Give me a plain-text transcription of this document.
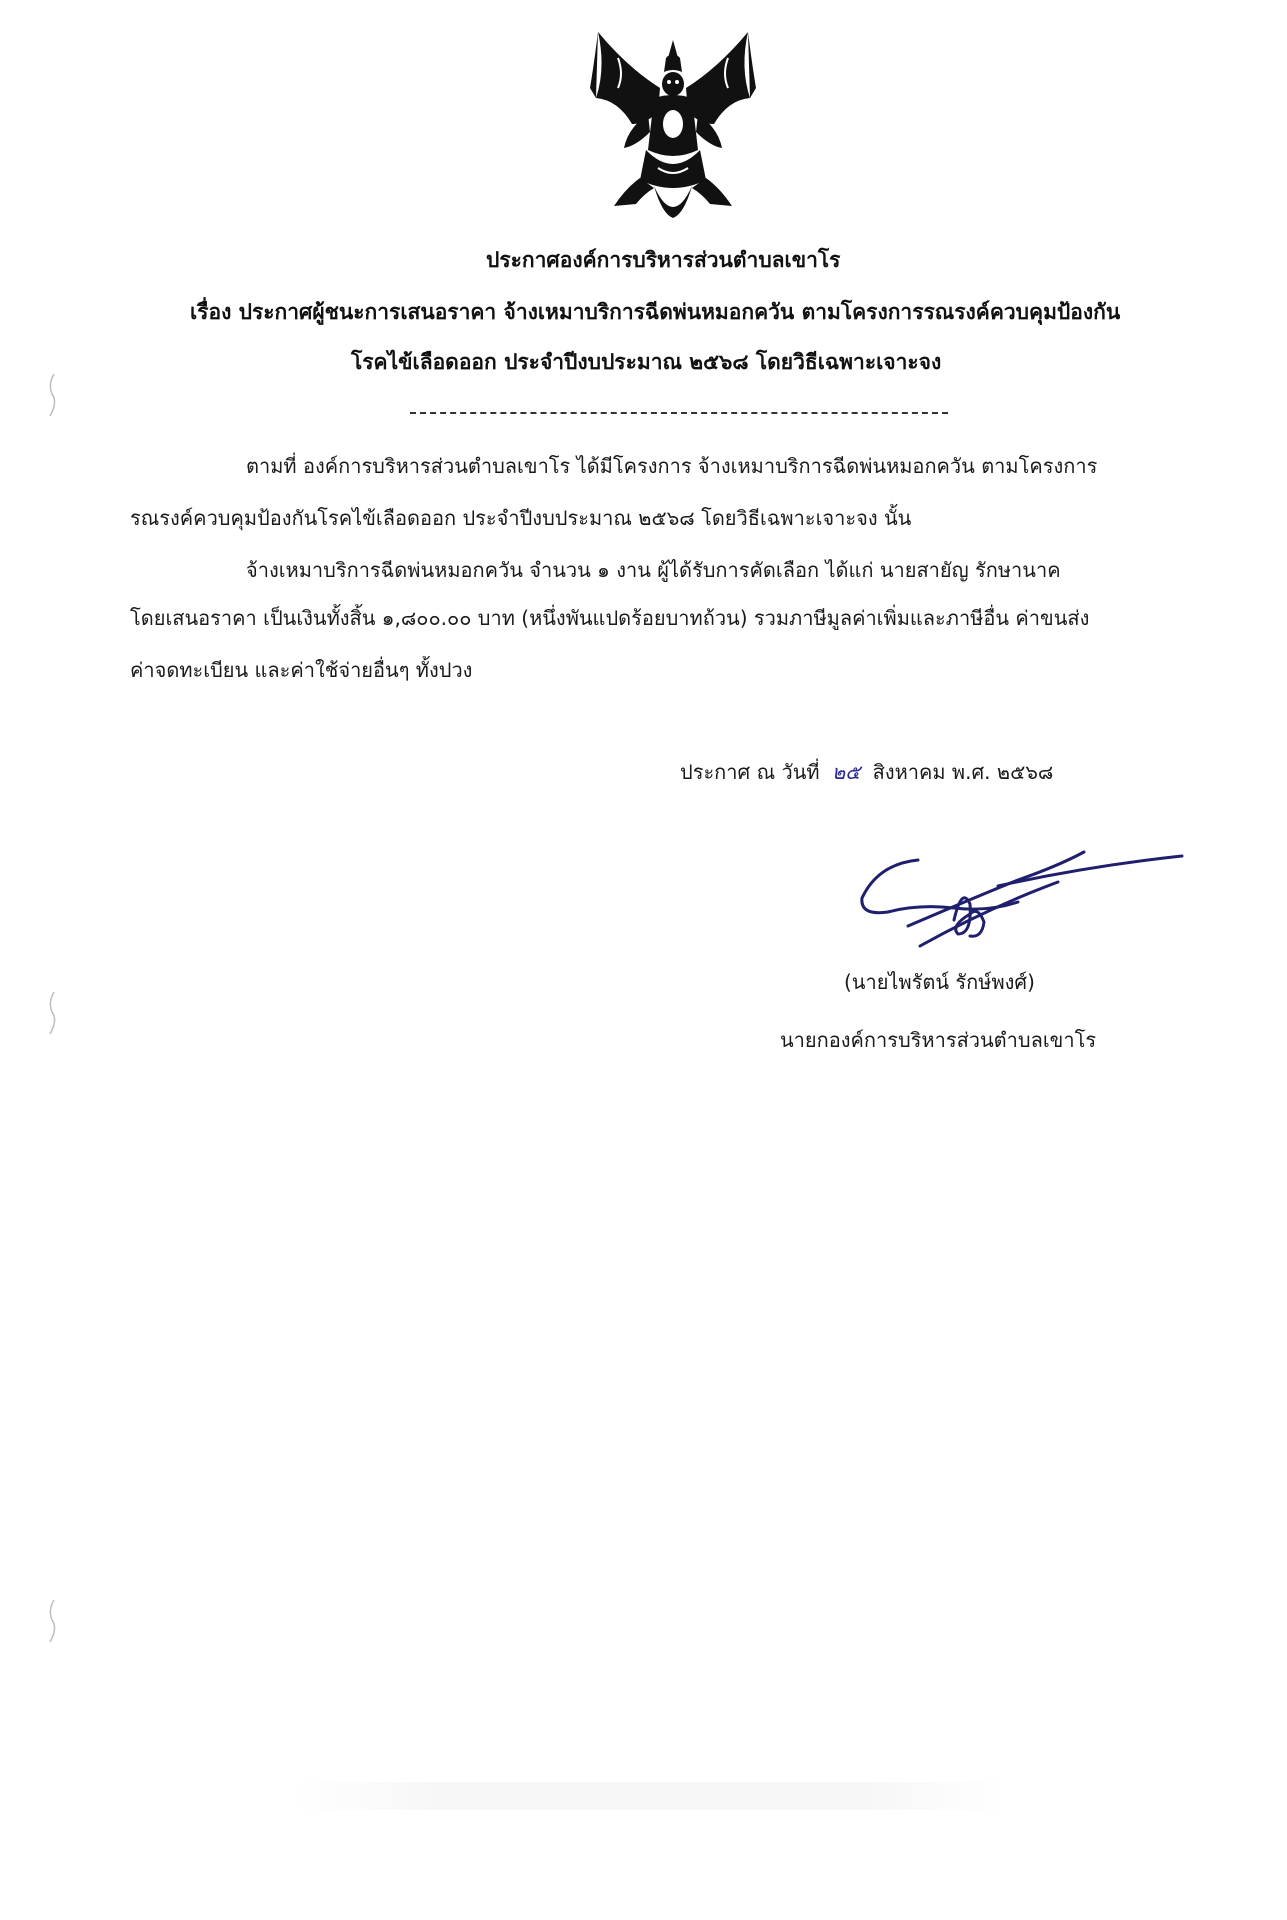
ประกาศองค์การบริหารส่วนตำบลเขาโร
เรื่อง ประกาศผู้ชนะการเสนอราคา จ้างเหมาบริการฉีดพ่นหมอกควัน ตามโครงการรณรงค์ควบคุมป้องกัน
โรคไข้เลือดออก ประจำปีงบประมาณ ๒๕๖๘ โดยวิธีเฉพาะเจาะจง
ตามที่ องค์การบริหารส่วนตำบลเขาโร ได้มีโครงการ จ้างเหมาบริการฉีดพ่นหมอกควัน ตามโครงการ
รณรงค์ควบคุมป้องกันโรคไข้เลือดออก ประจำปีงบประมาณ ๒๕๖๘ โดยวิธีเฉพาะเจาะจง นั้น
จ้างเหมาบริการฉีดพ่นหมอกควัน จำนวน ๑ งาน ผู้ได้รับการคัดเลือก ได้แก่ นายสายัญ รักษานาค
โดยเสนอราคา เป็นเงินทั้งสิ้น ๑,๘๐๐.๐๐ บาท (หนึ่งพันแปดร้อยบาทถ้วน) รวมภาษีมูลค่าเพิ่มและภาษีอื่น ค่าขนส่ง
ค่าจดทะเบียน และค่าใช้จ่ายอื่นๆ ทั้งปวง
ประกาศ ณ วันที่ ๒๕ สิงหาคม พ.ศ. ๒๕๖๘
(นายไพรัตน์ รักษ์พงศ์)
นายกองค์การบริหารส่วนตำบลเขาโร
